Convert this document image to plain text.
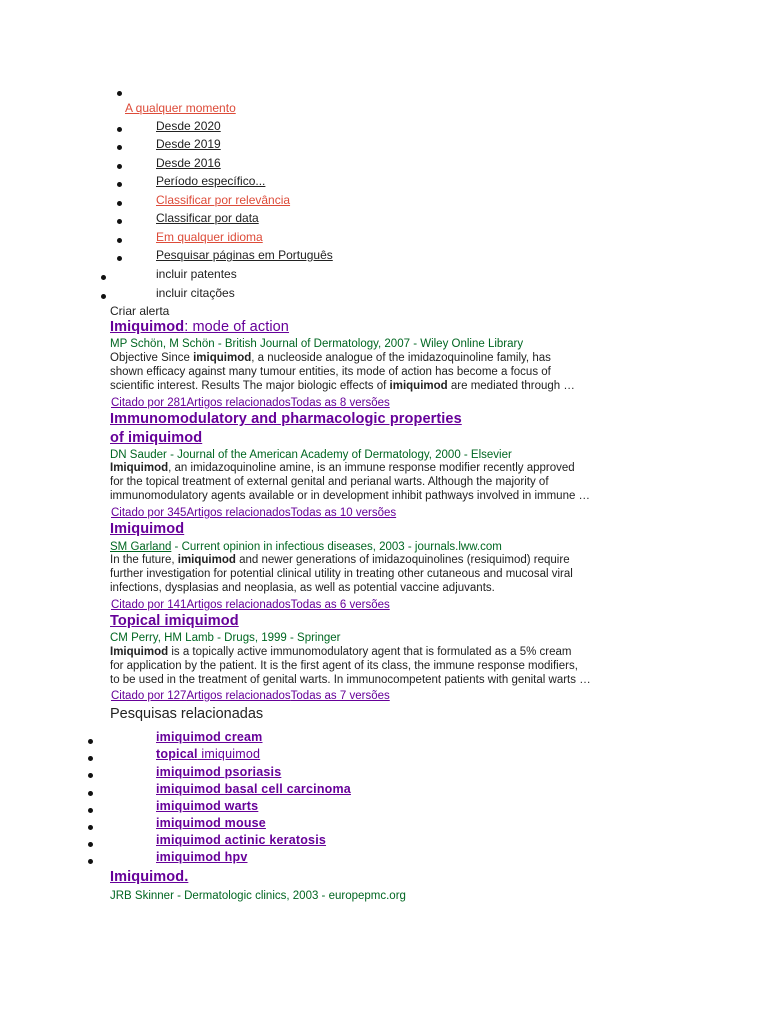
A qualquer momento
Desde 2020
Desde 2019
Desde 2016
Período específico...
Classificar por relevância
Classificar por data
Em qualquer idioma
Pesquisar páginas em Português
incluir patentes
incluir citações
Criar alerta
Imiquimod: mode of action
MP Schön, M Schön - British Journal of Dermatology, 2007 - Wiley Online Library

Objective Since imiquimod, a nucleoside analogue of the imidazoquinoline family, has

shown efficacy against many tumour entities, its mode of action has become a focus of

scientific interest. Results The major biologic effects of imiquimod are mediated through …

Citado por 281Artigos relacionadosTodas as 8 versões
Immunomodulatory and pharmacologic properties
of imiquimod
DN Sauder - Journal of the American Academy of Dermatology, 2000 - Elsevier

Imiquimod, an imidazoquinoline amine, is an immune response modifier recently approved

for the topical treatment of external genital and perianal warts. Although the majority of

immunomodulatory agents available or in development inhibit pathways involved in immune …

Citado por 345Artigos relacionadosTodas as 10 versões
Imiquimod
SM Garland - Current opinion in infectious diseases, 2003 - journals.lww.com

In the future, imiquimod and newer generations of imidazoquinolines (resiquimod) require

further investigation for potential clinical utility in treating other cutaneous and mucosal viral

infections, dysplasias and neoplasia, as well as potential vaccine adjuvants.

Citado por 141Artigos relacionadosTodas as 6 versões
Topical imiquimod
CM Perry, HM Lamb - Drugs, 1999 - Springer

Imiquimod is a topically active immunomodulatory agent that is formulated as a 5% cream

for application by the patient. It is the first agent of its class, the immune response modifiers,

to be used in the treatment of genital warts. In immunocompetent patients with genital warts …

Citado por 127Artigos relacionadosTodas as 7 versões
Pesquisas relacionadas
imiquimod cream
topical imiquimod
imiquimod psoriasis
imiquimod basal cell carcinoma
imiquimod warts
imiquimod mouse
imiquimod actinic keratosis
imiquimod hpv
Imiquimod.
JRB Skinner - Dermatologic clinics, 2003 - europepmc.org
